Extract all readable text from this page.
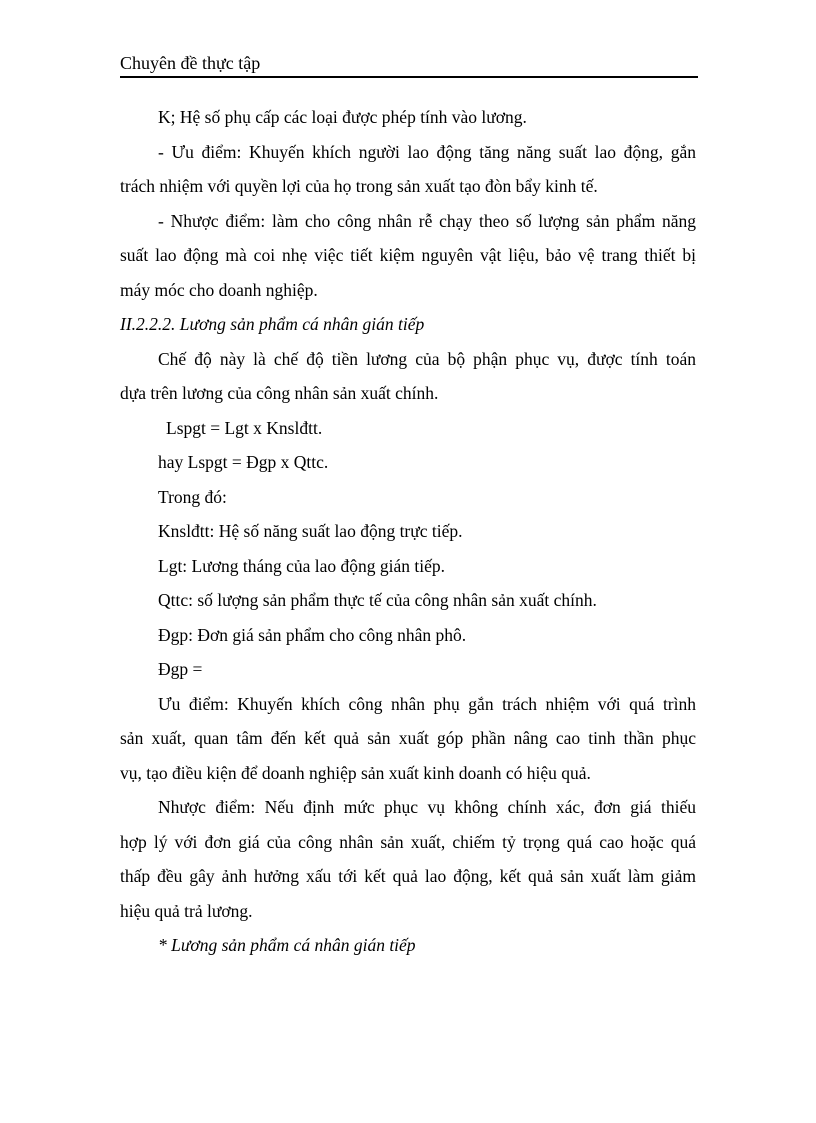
Chuyên đề thực tập
K; Hệ số phụ cấp các loại được phép tính vào lương.
- Ưu điểm: Khuyến khích người lao động tăng năng suất lao động, gắn
trách nhiệm với quyền lợi của họ trong sản xuất tạo đòn bẩy kinh tế.
- Nhược điểm: làm cho công nhân rễ chạy theo số lượng sản phẩm năng
suất lao động mà coi nhẹ việc tiết kiệm nguyên vật liệu, bảo vệ trang thiết bị
máy móc cho doanh nghiệp.
II.2.2.2. Lương sản phẩm cá nhân gián tiếp
Chế độ này là chế độ tiền lương của bộ phận phục vụ, được tính toán
dựa trên lương của công nhân sản xuất chính.
Lspgt = Lgt x Knslđtt.
hay Lspgt = Đgp x Qttc.
Trong đó:
Knslđtt: Hệ số năng suất lao động trực tiếp.
Lgt: Lương tháng của lao động gián tiếp.
Qttc: số lượng sản phẩm thực tế của công nhân sản xuất chính.
Đgp: Đơn giá sản phẩm cho công nhân phô.
Đgp =
Ưu điểm: Khuyến khích công nhân phụ gắn trách nhiệm với quá trình
sản xuất, quan tâm đến kết quả sản xuất góp phần nâng cao tinh thần phục
vụ, tạo điều kiện để doanh nghiệp sản xuất kinh doanh có hiệu quả.
Nhược điểm: Nếu định mức phục vụ không chính xác, đơn giá thiếu
hợp lý với đơn giá của công nhân sản xuất, chiếm tỷ trọng quá cao hoặc quá
thấp đều gây ảnh hưởng xấu tới kết quả lao động, kết quả sản xuất làm giảm
hiệu quả trả lương.
* Lương sản phẩm cá nhân gián tiếp
